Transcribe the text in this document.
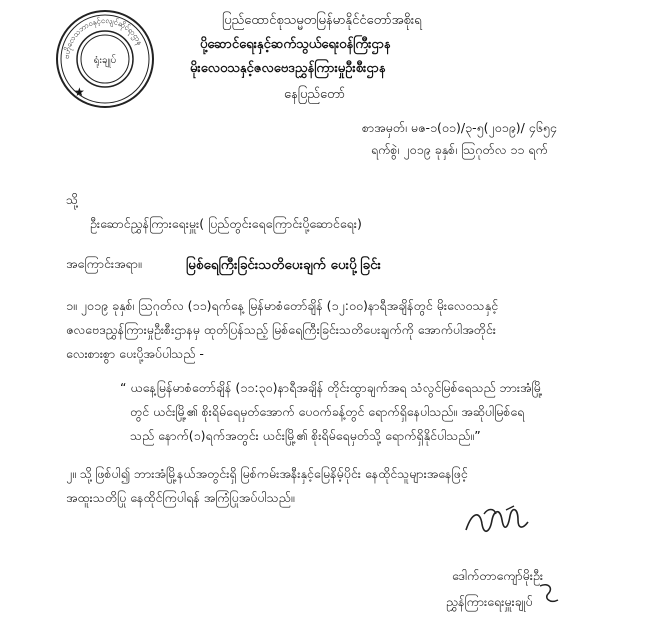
ဗဟိုလေသဘာဝနှင့်ငလျင်ဆိုင်ရာဌာန
ရုံးချုပ်
★
ပြည်ထောင်စုသမ္မတမြန်မာနိုင်ငံတော်အစိုးရ
ပို့ဆောင်ရေးနှင့်ဆက်သွယ်ရေးဝန်ကြီးဌာန
မိုးလေဝသနှင့်ဇလဗေဒညွှန်ကြားမှုဦးစီးဌာန
နေပြည်တော်
စာအမှတ်၊ မဇ-၁(၀၁)/၃-၅(၂၀၁၉)/ ၄၆၅၄
ရက်စွဲ၊ ၂၀၁၉ ခုနှစ်၊ ဩဂုတ်လ ၁၁ ရက်
သို့
ဦးဆောင်ညွှန်ကြားရေးမှူး( ပြည်တွင်းရေကြောင်းပို့ဆောင်ရေး)
အကြောင်းအရာ။	မြစ်ရေကြီးခြင်းသတိပေးချက် ပေးပို့ခြင်း
၁။ ၂၀၁၉ ခုနှစ်၊ ဩဂုတ်လ (၁၁)ရက်နေ့ မြန်မာစံတော်ချိန် (၁၂:၀၀)နာရီအချိန်တွင် မိုးလေဝသနှင့်
ဇလဗေဒညွှန်ကြားမှုဦးစီးဌာနမှ ထုတ်ပြန်သည့် မြစ်ရေကြီးခြင်းသတိပေးချက်ကို အောက်ပါအတိုင်း
လေးစားစွာ ပေးပို့အပ်ပါသည် -
“ ယနေ့မြန်မာစံတော်ချိန် (၁၁:၃၀)နာရီအချိန် တိုင်းထွာချက်အရ သံလွင်မြစ်ရေသည် ဘားအံမြို့
တွင် ယင်းမြို့၏ စိုးရိမ်ရေမှတ်အောက် ပေ၀က်ခန့်တွင် ရောက်ရှိနေပါသည်။ အဆိုပါမြစ်ရေ
သည် နောက်(၁)ရက်အတွင်း ယင်းမြို့၏ စိုးရိမ်ရေမှတ်သို့ ရောက်ရှိနိုင်ပါသည်။”
၂။ သို့ဖြစ်ပါ၍ ဘားအံမြို့နယ်အတွင်းရှိ မြစ်ကမ်းအနီးနှင့်မြေနိမ့်ပိုင်း နေထိုင်သူများအနေဖြင့်
အထူးသတိပြု နေထိုင်ကြပါရန် အကြံပြုအပ်ပါသည်။
ဒေါက်တာကျော်မိုးဦး
ညွှန်ကြားရေးမှူးချုပ်
